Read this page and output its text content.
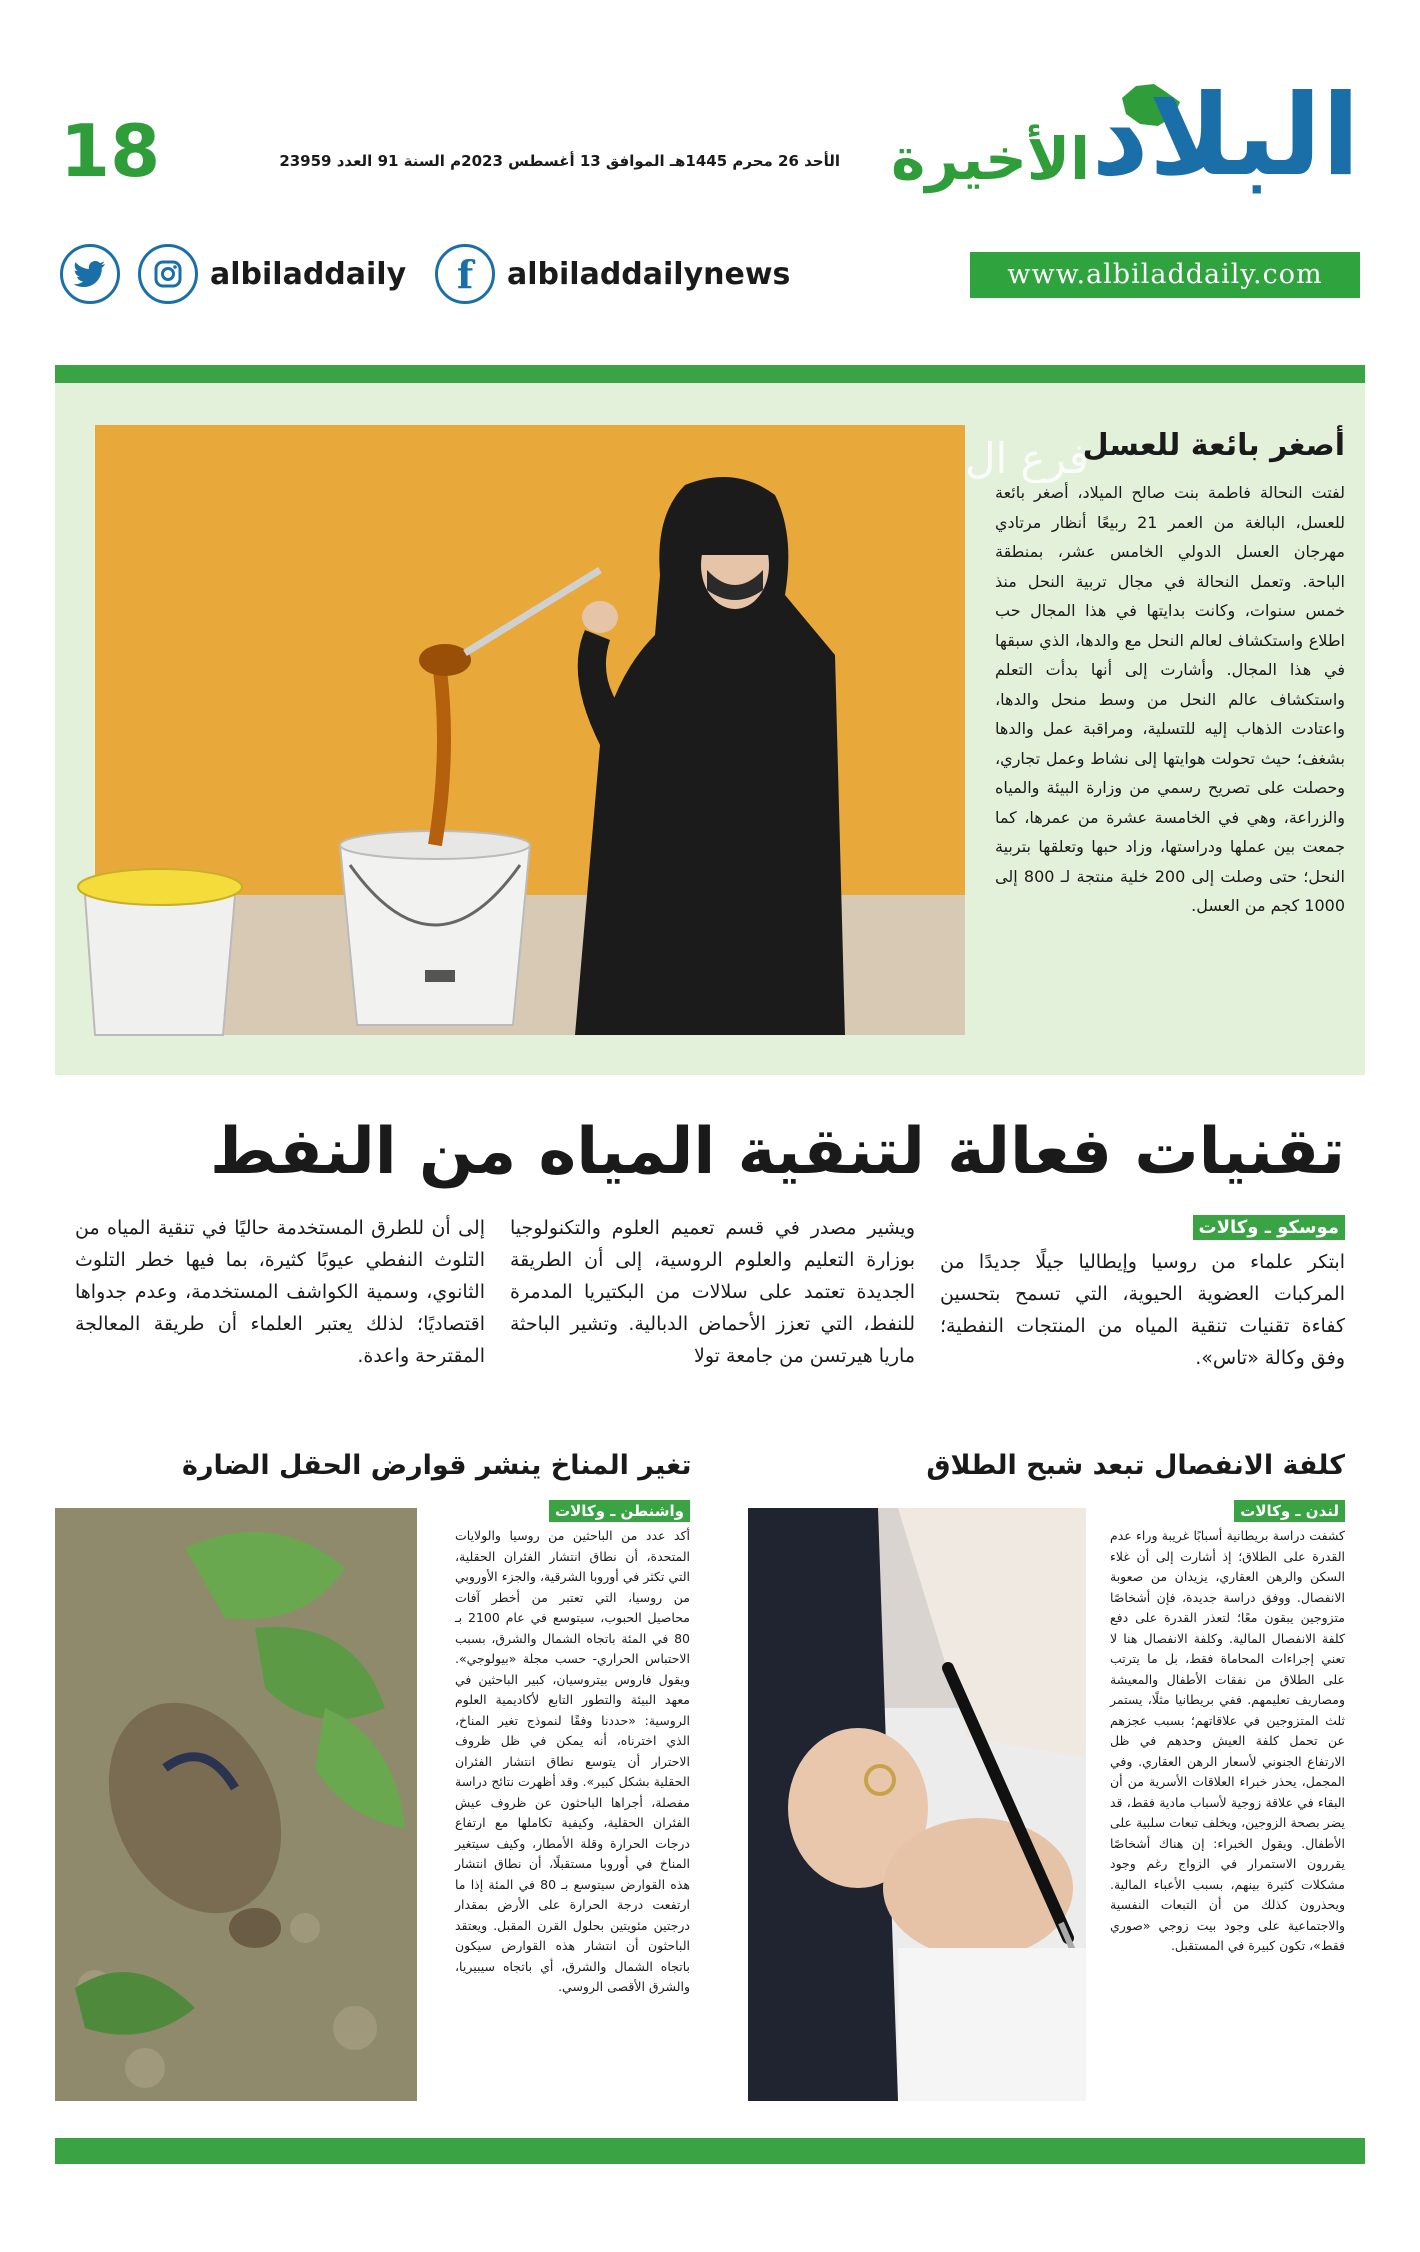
البلاد
الأخيرة
الأحد 26 محرم 1445هـ الموافق 13 أغسطس 2023م السنة 91 العدد 23959
18
www.albiladdaily.com
f	albiladdailynews
albiladdaily
فرع ال
أصغر بائعة للعسل
لفتت النحالة فاطمة بنت صالح الميلاد، أصغر بائعة للعسل، البالغة من العمر 21 ربيعًا أنظار مرتادي مهرجان العسل الدولي الخامس عشر، بمنطقة الباحة. وتعمل النحالة في مجال تربية النحل منذ خمس سنوات، وكانت بدايتها في هذا المجال حب اطلاع واستكشاف لعالم النحل مع والدها، الذي سبقها في هذا المجال. وأشارت إلى أنها بدأت التعلم واستكشاف عالم النحل من وسط منحل والدها، واعتادت الذهاب إليه للتسلية، ومراقبة عمل والدها بشغف؛ حيث تحولت هوايتها إلى نشاط وعمل تجاري، وحصلت على تصريح رسمي من وزارة البيئة والمياه والزراعة، وهي في الخامسة عشرة من عمرها، كما جمعت بين عملها ودراستها، وزاد حبها وتعلقها بتربية النحل؛ حتى وصلت إلى 200 خلية منتجة لـ 800 إلى 1000 كجم من العسل.
تقنيات فعالة لتنقية المياه من النفط
موسكو ـ وكالات
ابتكر علماء من روسيا وإيطاليا جيلًا جديدًا من المركبات العضوية الحيوية، التي تسمح بتحسين كفاءة تقنيات تنقية المياه من المنتجات النفطية؛ وفق وكالة «تاس».
ويشير مصدر في قسم تعميم العلوم والتكنولوجيا بوزارة التعليم والعلوم الروسية، إلى أن الطريقة الجديدة تعتمد على سلالات من البكتيريا المدمرة للنفط، التي تعزز الأحماض الدبالية. وتشير الباحثة ماريا هيرتسن من جامعة تولا
إلى أن للطرق المستخدمة حاليًا في تنقية المياه من التلوث النفطي عيوبًا كثيرة، بما فيها خطر التلوث الثانوي، وسمية الكواشف المستخدمة، وعدم جدواها اقتصاديًا؛ لذلك يعتبر العلماء أن طريقة المعالجة المقترحة واعدة.
كلفة الانفصال تبعد شبح الطلاق
لندن ـ وكالات
كشفت دراسة بريطانية أسبابًا غريبة وراء عدم القدرة على الطلاق؛ إذ أشارت إلى أن غلاء السكن والرهن العقاري، يزيدان من صعوبة الانفصال. ووفق دراسة جديدة، فإن أشخاصًا متزوجين يبقون معًا؛ لتعذر القدرة على دفع كلفة الانفصال المالية. وكلفة الانفصال هنا لا تعني إجراءات المحاماة فقط، بل ما يترتب على الطلاق من نفقات الأطفال والمعيشة ومصاريف تعليمهم. ففي بريطانيا مثلًا، يستمر ثلث المتزوجين في علاقاتهم؛ بسبب عجزهم عن تحمل كلفة العيش وحدهم في ظل الارتفاع الجنوني لأسعار الرهن العقاري. وفي المجمل، يحذر خبراء العلاقات الأسرية من أن البقاء في علاقة زوجية لأسباب مادية فقط، قد يضر بصحة الزوجين، ويخلف تبعات سلبية على الأطفال. ويقول الخبراء: إن هناك أشخاصًا يقررون الاستمرار في الزواج رغم وجود مشكلات كثيرة بينهم، بسبب الأعباء المالية. ويحذرون كذلك من أن التبعات النفسية والاجتماعية على وجود بيت زوجي «صوري فقط»، تكون كبيرة في المستقبل.
تغير المناخ ينشر قوارض الحقل الضارة
واشنطن ـ وكالات
أكد عدد من الباحثين من روسيا والولايات المتحدة، أن نطاق انتشار الفئران الحقلية، التي تكثر في أوروبا الشرقية، والجزء الأوروبي من روسيا، التي تعتبر من أخطر آفات محاصيل الحبوب، سيتوسع في عام 2100 بـ 80 في المئة باتجاه الشمال والشرق، بسبب الاحتباس الحراري- حسب مجلة «بيولوجي». ويقول فاروس بيتروسيان، كبير الباحثين في معهد البيئة والتطور التابع لأكاديمية العلوم الروسية: «حددنا وفقًا لنموذج تغير المناخ، الذي اخترناه، أنه يمكن في ظل ظروف الاحترار أن يتوسع نطاق انتشار الفئران الحقلية بشكل كبير». وقد أظهرت نتائج دراسة مفصلة، أجراها الباحثون عن ظروف عيش الفئران الحقلية، وكيفية تكاملها مع ارتفاع درجات الحرارة وقلة الأمطار، وكيف سيتغير المناخ في أوروبا مستقبلًا، أن نطاق انتشار هذه القوارض سيتوسع بـ 80 في المئة إذا ما ارتفعت درجة الحرارة على الأرض بمقدار درجتين مئويتين بحلول القرن المقبل. ويعتقد الباحثون أن انتشار هذه القوارض سيكون باتجاه الشمال والشرق، أي باتجاه سيبيريا، والشرق الأقصى الروسي.
